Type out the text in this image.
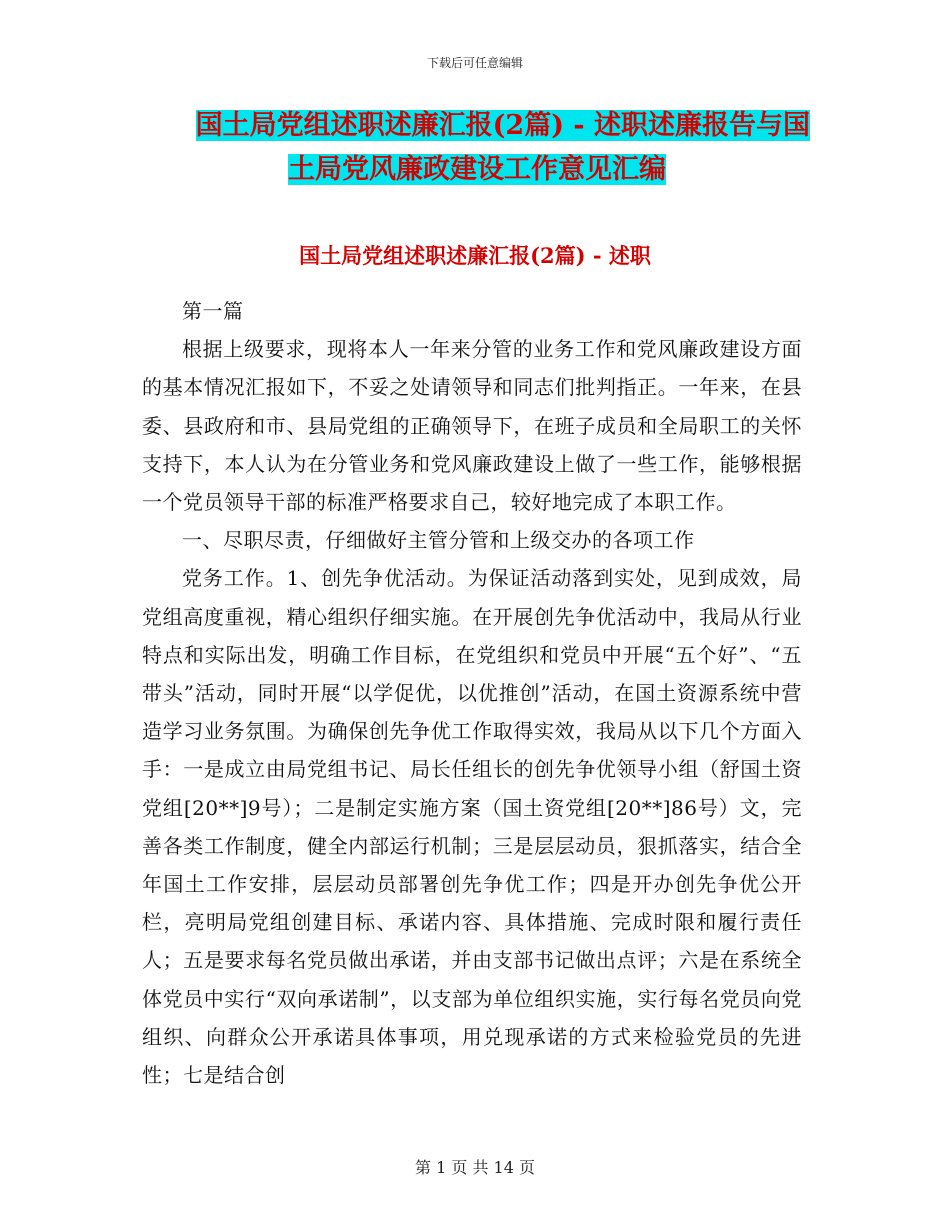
下载后可任意编辑
国土局党组述职述廉汇报(2篇) - 述职述廉报告与国
土局党风廉政建设工作意见汇编
国土局党组述职述廉汇报(2篇) - 述职

第一篇

根据上级要求，现将本人一年来分管的业务工作和党风廉政建设方面的基本情况汇报如下，不妥之处请领导和同志们批判指正。一年来，在县委、县政府和市、县局党组的正确领导下，在班子成员和全局职工的关怀支持下，本人认为在分管业务和党风廉政建设上做了一些工作，能够根据一个党员领导干部的标准严格要求自己，较好地完成了本职工作。

一、尽职尽责，仔细做好主管分管和上级交办的各项工作

党务工作。1、创先争优活动。为保证活动落到实处，见到成效，局党组高度重视，精心组织仔细实施。在开展创先争优活动中，我局从行业特点和实际出发，明确工作目标，在党组织和党员中开展“五个好”、“五带头”活动，同时开展“以学促优，以优推创”活动，在国土资源系统中营造学习业务氛围。为确保创先争优工作取得实效，我局从以下几个方面入手：一是成立由局党组书记、局长任组长的创先争优领导小组（舒国土资党组[20**]9号）；二是制定实施方案（国土资党组[20**]86号）文，完善各类工作制度，健全内部运行机制；三是层层动员，狠抓落实，结合全年国土工作安排，层层动员部署创先争优工作；四是开办创先争优公开栏，亮明局党组创建目标、承诺内容、具体措施、完成时限和履行责任人；五是要求每名党员做出承诺，并由支部书记做出点评；六是在系统全体党员中实行“双向承诺制”，以支部为单位组织实施，实行每名党员向党组织、向群众公开承诺具体事项，用兑现承诺的方式来检验党员的先进性；七是结合创

第 1 页 共 14 页
